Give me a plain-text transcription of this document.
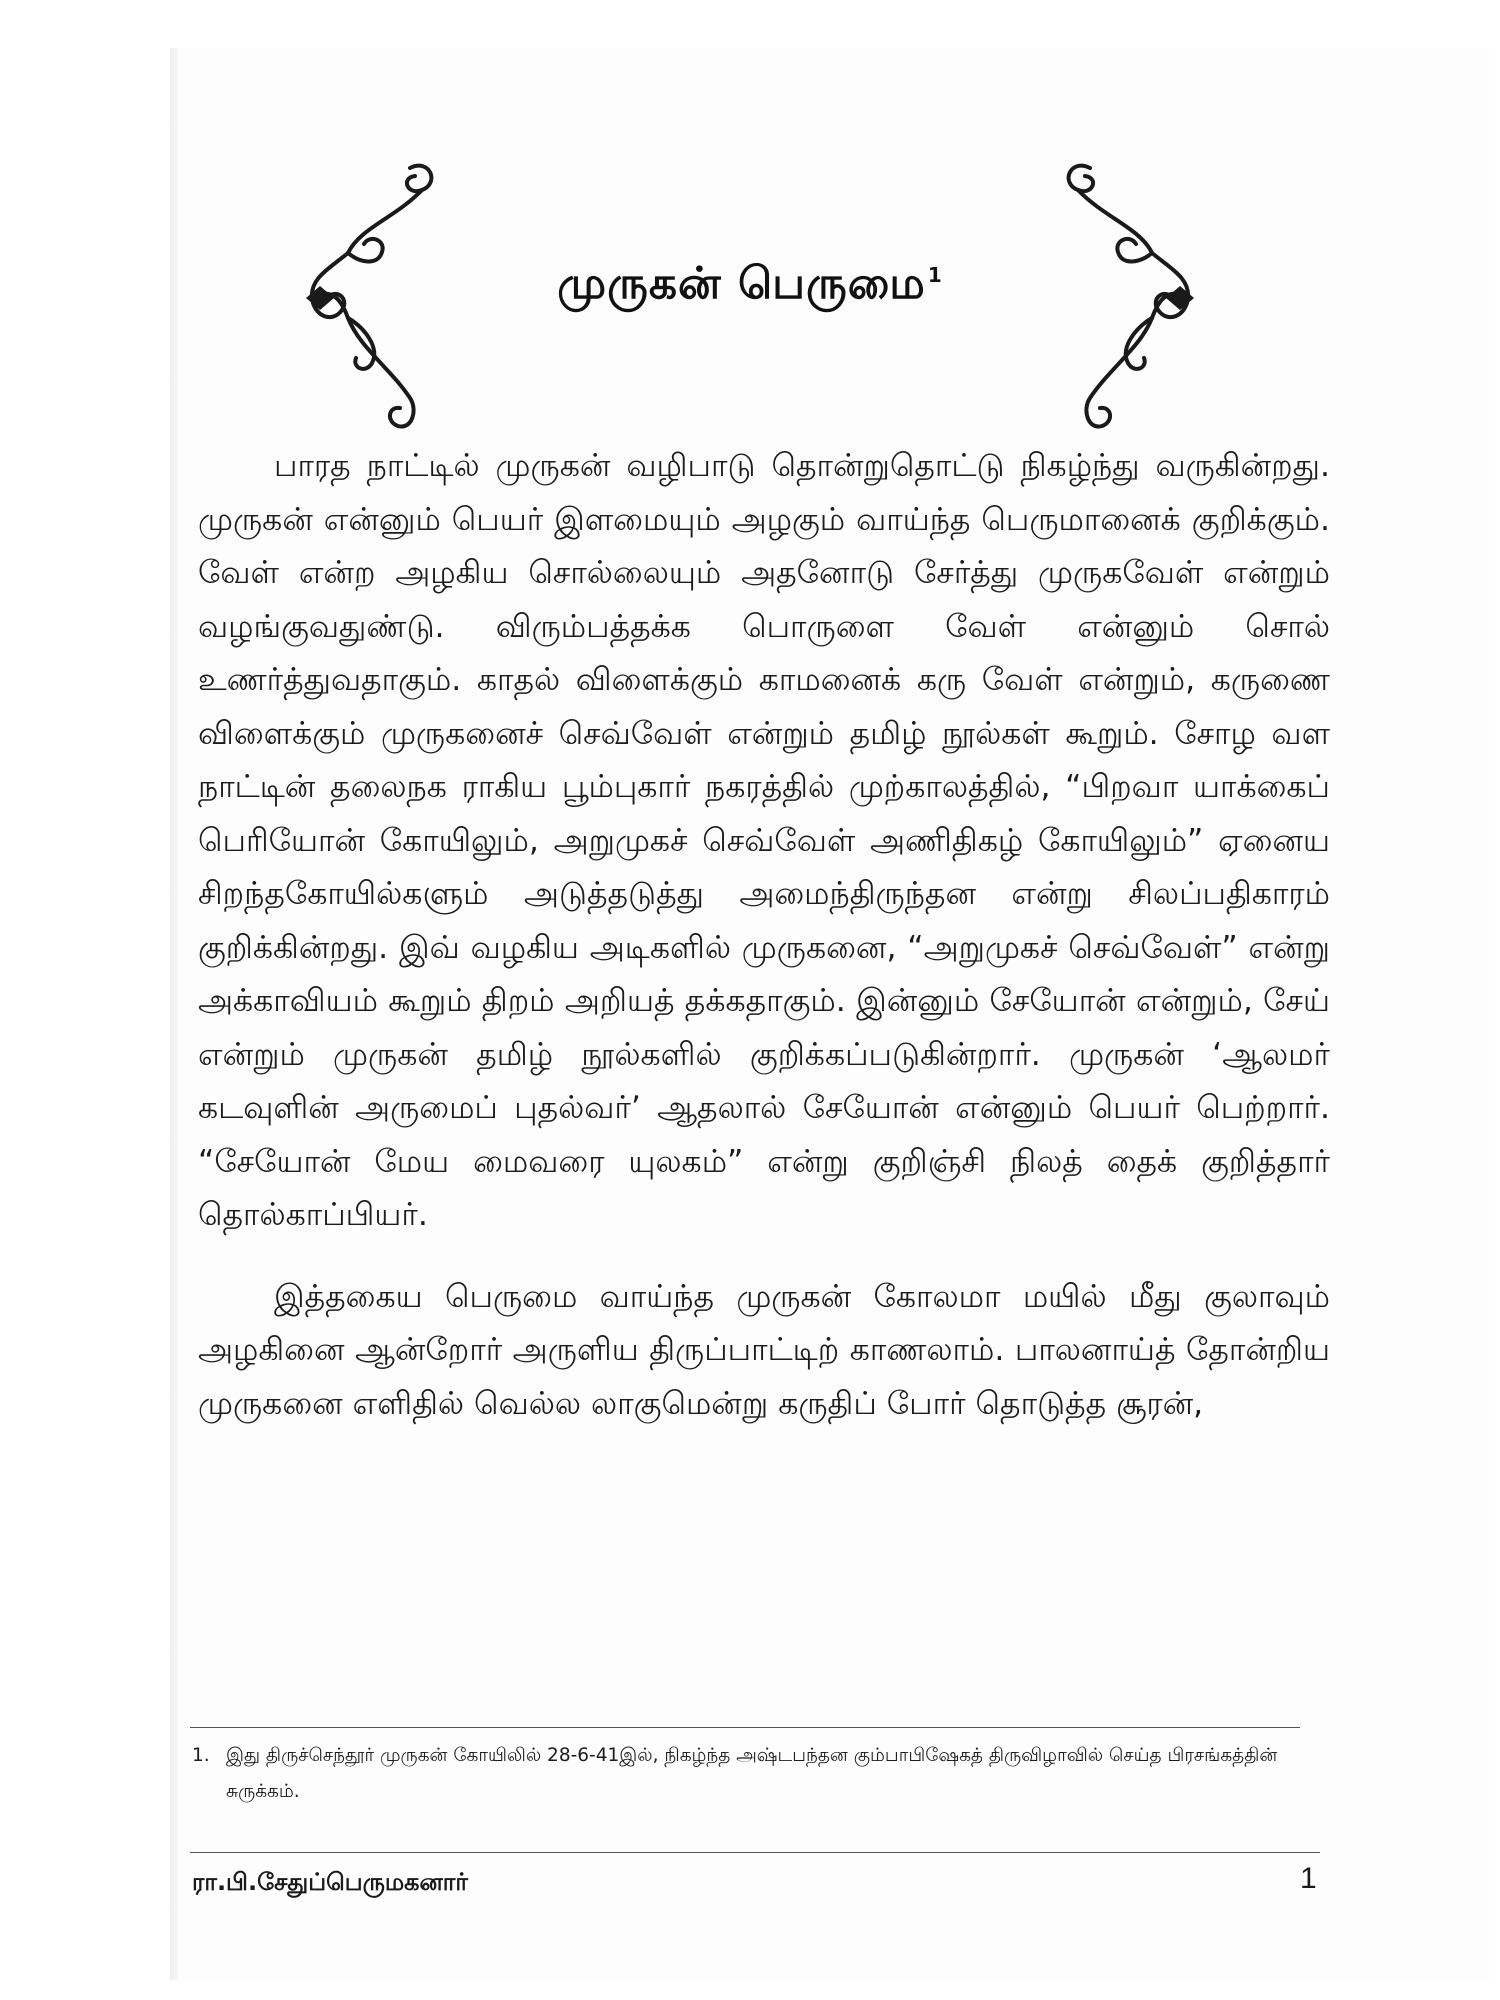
முருகன் பெருமை $^1$

பாரத நாட்டில் முருகன் வழிபாடு தொன்றுதொட்டு நிகழ்ந்து வருகின்றது. முருகன் என்னும் பெயர் இளமையும் அழகும் வாய்ந்த பெருமானைக் குறிக்கும். வேள் என்ற அழகிய சொல்லையும் அதனோடு சேர்த்து முருகவேள் என்றும் வழங்குவதுண்டு. விரும்பத்தக்க பொருளை வேள் என்னும் சொல் உணர்த்துவதாகும். காதல் விளைக்கும் காமனைக் கரு வேள் என்றும், கருணை விளைக்கும் முருகனைச் செவ்வேள் என்றும் தமிழ் நூல்கள் கூறும். சோழ வள நாட்டின் தலைநக ராகிய பூம்புகார் நகரத்தில் முற்காலத்தில், “பிறவா யாக்கைப் பெரியோன் கோயிலும், அறுமுகச் செவ்வேள் அணிதிகழ் கோயிலும்” ஏனைய சிறந்தகோயில்களும் அடுத்தடுத்து அமைந்திருந்தன என்று சிலப்பதிகாரம் குறிக்கின்றது. இவ் வழகிய அடிகளில் முருகனை, “அறுமுகச் செவ்வேள்” என்று அக்காவியம் கூறும் திறம் அறியத் தக்கதாகும். இன்னும் சேயோன் என்றும், சேய் என்றும் முருகன் தமிழ் நூல்களில் குறிக்கப்படுகின்றார். முருகன் ‘ஆலமர் கடவுளின் அருமைப் புதல்வர்’ ஆதலால் சேயோன் என்னும் பெயர் பெற்றார். “சேயோன் மேய மைவரை யுலகம்” என்று குறிஞ்சி நிலத் தைக் குறித்தார் தொல்காப்பியர்.

இத்தகைய பெருமை வாய்ந்த முருகன் கோலமா மயில் மீது குலாவும் அழகினை ஆன்றோர் அருளிய திருப்பாட்டிற் காணலாம். பாலனாய்த் தோன்றிய முருகனை எளிதில் வெல்ல லாகுமென்று கருதிப் போர் தொடுத்த சூரன்,

1. இது திருச்செந்தூர் முருகன் கோயிலில் 28-6-41இல், நிகழ்ந்த அஷ்டபந்தன கும்பாபிஷேகத் திருவிழாவில் செய்த பிரசங்கத்தின் சுருக்கம்.
ரா.பி.சேதுப்பெருமகனார்	1
